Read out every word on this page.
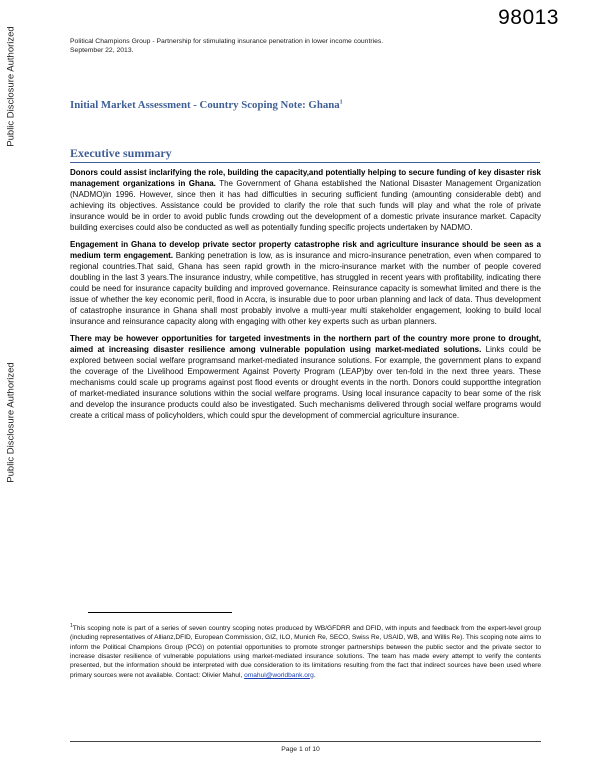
Public Disclosure Authorized
Public Disclosure Authorized
98013
Political Champions Group - Partnership for stimulating insurance penetration in lower income countries.
September 22, 2013.
Initial Market Assessment - Country Scoping Note: Ghana$^1$
Executive summary

Donors could assist inclarifying the role, building the capacity,and potentially helping to secure funding of key disaster risk management organizations in Ghana. The Government of Ghana established the National Disaster Management Organization (NADMO)in 1996. However, since then it has had difficulties in securing sufficient funding (amounting considerable debt) and achieving its objectives. Assistance could be provided to clarify the role that such funds will play and what the role of private insurance would be in order to avoid public funds crowding out the development of a domestic private insurance market. Capacity building exercises could also be conducted as well as potentially funding specific projects undertaken by NADMO.

Engagement in Ghana to develop private sector property catastrophe risk and agriculture insurance should be seen as a medium term engagement. Banking penetration is low, as is insurance and micro-insurance penetration, even when compared to regional countries.That said, Ghana has seen rapid growth in the micro-insurance market with the number of people covered doubling in the last 3 years.The insurance industry, while competitive, has struggled in recent years with profitability, indicating there could be need for insurance capacity building and improved governance. Reinsurance capacity is somewhat limited and there is the issue of whether the key economic peril, flood in Accra, is insurable due to poor urban planning and lack of data. Thus development of catastrophe insurance in Ghana shall most probably involve a multi-year multi stakeholder engagement, looking to build local insurance and reinsurance capacity along with engaging with other key experts such as urban planners.

There may be however opportunities for targeted investments in the northern part of the country more prone to drought, aimed at increasing disaster resilience among vulnerable population using market-mediated solutions. Links could be explored between social welfare programsand market-mediated insurance solutions. For example, the government plans to expand the coverage of the Livelihood Empowerment Against Poverty Program (LEAP)by over ten-fold in the next three years. These mechanisms could scale up programs against post flood events or drought events in the north. Donors could supportthe integration of market-mediated insurance solutions within the social welfare programs. Using local insurance capacity to bear some of the risk and develop the insurance products could also be investigated. Such mechanisms delivered through social welfare programs would create a critical mass of policyholders, which could spur the development of commercial agriculture insurance.

$^1$This scoping note is part of a series of seven country scoping notes produced by WB/GFDRR and DFID, with inputs and feedback from the expert-level group (including representatives of Allianz,DFID, European Commission, GIZ, ILO, Munich Re, SECO, Swiss Re, USAID, WB, and Willis Re). This scoping note aims to inform the Political Champions Group (PCG) on potential opportunities to promote stronger partnerships between the public sector and the private sector to increase disaster resilience of vulnerable populations using market-mediated insurance solutions. The team has made every attempt to verify the contents presented, but the information should be interpreted with due consideration to its limitations resulting from the fact that indirect sources have been used where primary sources were not available. Contact: Olivier Mahul, omahul@worldbank.org.
Page 1 of 10
